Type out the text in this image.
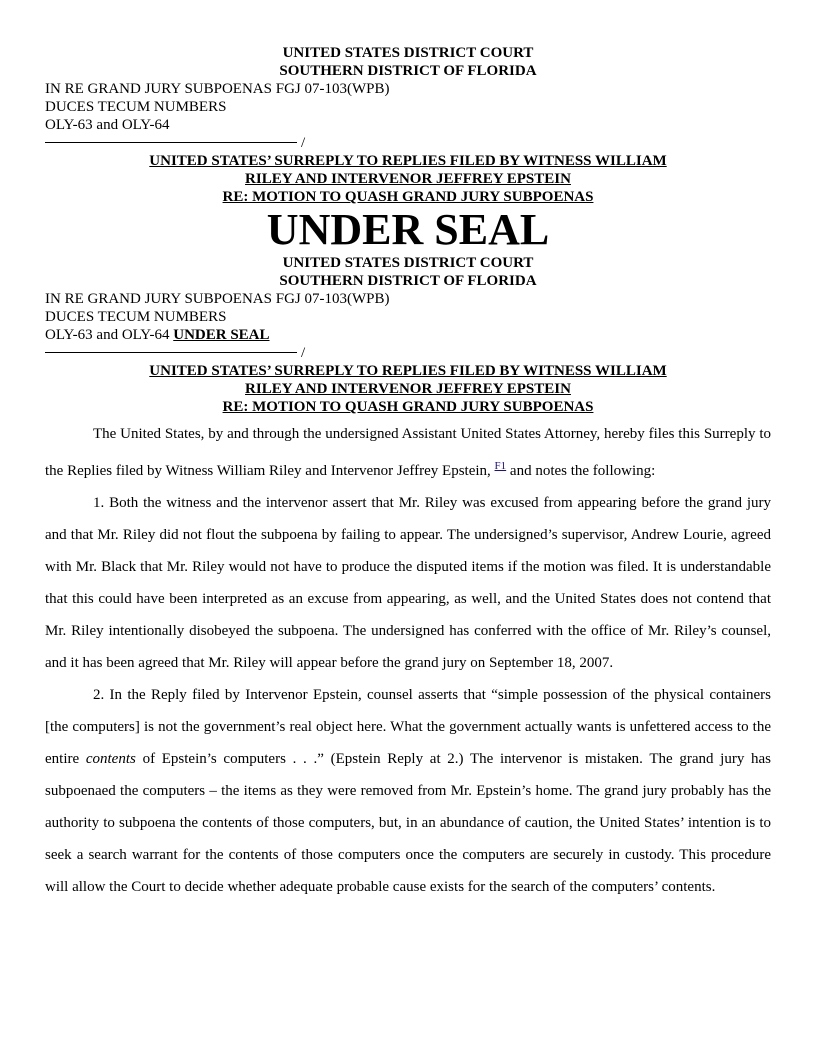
UNITED STATES DISTRICT COURT
SOUTHERN DISTRICT OF FLORIDA
IN RE GRAND JURY SUBPOENAS FGJ 07-103(WPB)
DUCES TECUM NUMBERS
OLY-63 and OLY-64
/
UNITED STATES’ SURREPLY TO REPLIES FILED BY WITNESS WILLIAM
RILEY AND INTERVENOR JEFFREY EPSTEIN
RE: MOTION TO QUASH GRAND JURY SUBPOENAS
UNDER SEAL
UNITED STATES DISTRICT COURT
SOUTHERN DISTRICT OF FLORIDA
IN RE GRAND JURY SUBPOENAS FGJ 07-103(WPB)
DUCES TECUM NUMBERS
OLY-63 and OLY-64 UNDER SEAL
/
UNITED STATES’ SURREPLY TO REPLIES FILED BY WITNESS WILLIAM
RILEY AND INTERVENOR JEFFREY EPSTEIN
RE: MOTION TO QUASH GRAND JURY SUBPOENAS

The United States, by and through the undersigned Assistant United States Attorney, hereby files this Surreply to the Replies filed by Witness William Riley and Intervenor Jeffrey Epstein, $^{F1}$ and notes the following:

1. Both the witness and the intervenor assert that Mr. Riley was excused from appearing before the grand jury and that Mr. Riley did not flout the subpoena by failing to appear. The undersigned’s supervisor, Andrew Lourie, agreed with Mr. Black that Mr. Riley would not have to produce the disputed items if the motion was filed. It is understandable that this could have been interpreted as an excuse from appearing, as well, and the United States does not contend that Mr. Riley intentionally disobeyed the subpoena. The undersigned has conferred with the office of Mr. Riley’s counsel, and it has been agreed that Mr. Riley will appear before the grand jury on September 18, 2007.

2. In the Reply filed by Intervenor Epstein, counsel asserts that “simple possession of the physical containers [the computers] is not the government’s real object here. What the government actually wants is unfettered access to the entire contents of Epstein’s computers . . .” (Epstein Reply at 2.) The intervenor is mistaken. The grand jury has subpoenaed the computers – the items as they were removed from Mr. Epstein’s home. The grand jury probably has the authority to subpoena the contents of those computers, but, in an abundance of caution, the United States’ intention is to seek a search warrant for the contents of those computers once the computers are securely in custody. This procedure will allow the Court to decide whether adequate probable cause exists for the search of the computers’ contents.
